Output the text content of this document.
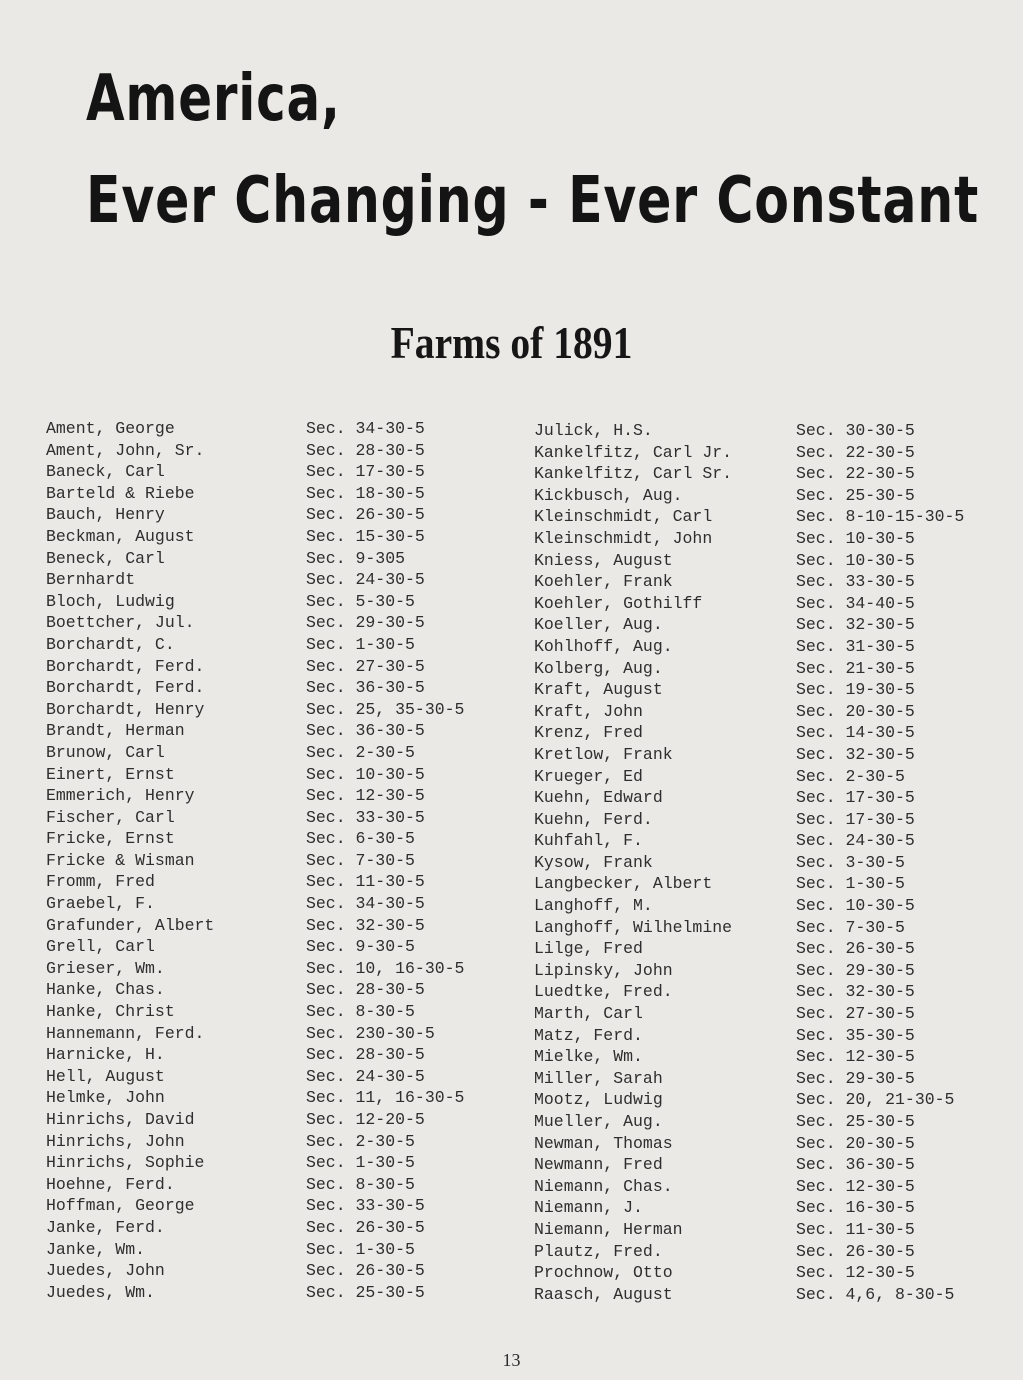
America,
Ever Changing - Ever Constant
Farms of 1891
Ament, George	Sec. 34-30-5
Ament, John, Sr.	Sec. 28-30-5
Baneck, Carl	Sec. 17-30-5
Barteld & Riebe	Sec. 18-30-5
Bauch, Henry	Sec. 26-30-5
Beckman, August	Sec. 15-30-5
Beneck, Carl	Sec. 9-305
Bernhardt	Sec. 24-30-5
Bloch, Ludwig	Sec. 5-30-5
Boettcher, Jul.	Sec. 29-30-5
Borchardt, C.	Sec. 1-30-5
Borchardt, Ferd.	Sec. 27-30-5
Borchardt, Ferd.	Sec. 36-30-5
Borchardt, Henry	Sec. 25, 35-30-5
Brandt, Herman	Sec. 36-30-5
Brunow, Carl	Sec. 2-30-5
Einert, Ernst	Sec. 10-30-5
Emmerich, Henry	Sec. 12-30-5
Fischer, Carl	Sec. 33-30-5
Fricke, Ernst	Sec. 6-30-5
Fricke & Wisman	Sec. 7-30-5
Fromm, Fred	Sec. 11-30-5
Graebel, F.	Sec. 34-30-5
Grafunder, Albert	Sec. 32-30-5
Grell, Carl	Sec. 9-30-5
Grieser, Wm.	Sec. 10, 16-30-5
Hanke, Chas.	Sec. 28-30-5
Hanke, Christ	Sec. 8-30-5
Hannemann, Ferd.	Sec. 230-30-5
Harnicke, H.	Sec. 28-30-5
Hell, August	Sec. 24-30-5
Helmke, John	Sec. 11, 16-30-5
Hinrichs, David	Sec. 12-20-5
Hinrichs, John	Sec. 2-30-5
Hinrichs, Sophie	Sec. 1-30-5
Hoehne, Ferd.	Sec. 8-30-5
Hoffman, George	Sec. 33-30-5
Janke, Ferd.	Sec. 26-30-5
Janke, Wm.	Sec. 1-30-5
Juedes, John	Sec. 26-30-5
Juedes, Wm.	Sec. 25-30-5
Julick, H.S.	Sec. 30-30-5
Kankelfitz, Carl Jr.	Sec. 22-30-5
Kankelfitz, Carl Sr.	Sec. 22-30-5
Kickbusch, Aug.	Sec. 25-30-5
Kleinschmidt, Carl	Sec. 8-10-15-30-5
Kleinschmidt, John	Sec. 10-30-5
Kniess, August	Sec. 10-30-5
Koehler, Frank	Sec. 33-30-5
Koehler, Gothilff	Sec. 34-40-5
Koeller, Aug.	Sec. 32-30-5
Kohlhoff, Aug.	Sec. 31-30-5
Kolberg, Aug.	Sec. 21-30-5
Kraft, August	Sec. 19-30-5
Kraft, John	Sec. 20-30-5
Krenz, Fred	Sec. 14-30-5
Kretlow, Frank	Sec. 32-30-5
Krueger, Ed	Sec. 2-30-5
Kuehn, Edward	Sec. 17-30-5
Kuehn, Ferd.	Sec. 17-30-5
Kuhfahl, F.	Sec. 24-30-5
Kysow, Frank	Sec. 3-30-5
Langbecker, Albert	Sec. 1-30-5
Langhoff, M.	Sec. 10-30-5
Langhoff, Wilhelmine	Sec. 7-30-5
Lilge, Fred	Sec. 26-30-5
Lipinsky, John	Sec. 29-30-5
Luedtke, Fred.	Sec. 32-30-5
Marth, Carl	Sec. 27-30-5
Matz, Ferd.	Sec. 35-30-5
Mielke, Wm.	Sec. 12-30-5
Miller, Sarah	Sec. 29-30-5
Mootz, Ludwig	Sec. 20, 21-30-5
Mueller, Aug.	Sec. 25-30-5
Newman, Thomas	Sec. 20-30-5
Newmann, Fred	Sec. 36-30-5
Niemann, Chas.	Sec. 12-30-5
Niemann, J.	Sec. 16-30-5
Niemann, Herman	Sec. 11-30-5
Plautz, Fred.	Sec. 26-30-5
Prochnow, Otto	Sec. 12-30-5
Raasch, August	Sec. 4,6, 8-30-5
13
